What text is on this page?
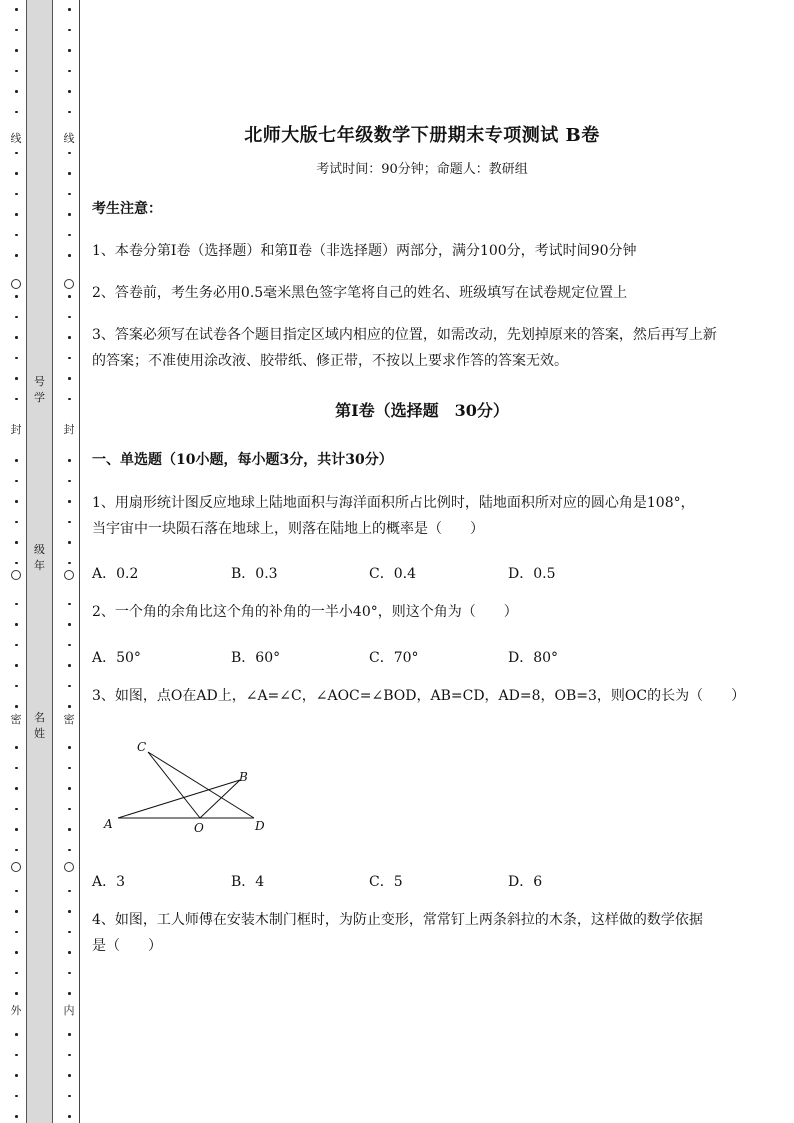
线
封
密
外
号
学
级
年
名
姓
线
封
密
内
北师大版七年级数学下册期末专项测试 B卷
考试时间：90分钟；命题人：教研组
考生注意：
1、本卷分第Ⅰ卷（选择题）和第Ⅱ卷（非选择题）两部分，满分100分，考试时间90分钟
2、答卷前，考生务必用0.5毫米黑色签字笔将自己的姓名、班级填写在试卷规定位置上
3、答案必须写在试卷各个题目指定区域内相应的位置，如需改动，先划掉原来的答案，然后再写上新
的答案；不准使用涂改液、胶带纸、修正带，不按以上要求作答的答案无效。
第Ⅰ卷（选择题　30分）
一、单选题（10小题，每小题3分，共计30分）
1、用扇形统计图反应地球上陆地面积与海洋面积所占比例时，陆地面积所对应的圆心角是108°，
当宇宙中一块陨石落在地球上，则落在陆地上的概率是（　　）
A．0.2	B．0.3	C．0.4	D．0.5
2、一个角的余角比这个角的补角的一半小40°，则这个角为（　　）
A．50°	B．60°	C．70°	D．80°
3、如图，点O在AD上，∠A=∠C，∠AOC=∠BOD，AB=CD，AD=8，OB=3，则OC的长为（　　）
A．3	B．4	C．5	D．6
4、如图，工人师傅在安装木制门框时，为防止变形，常常钉上两条斜拉的木条，这样做的数学依据
是（　　）
C
B
A	O	D
